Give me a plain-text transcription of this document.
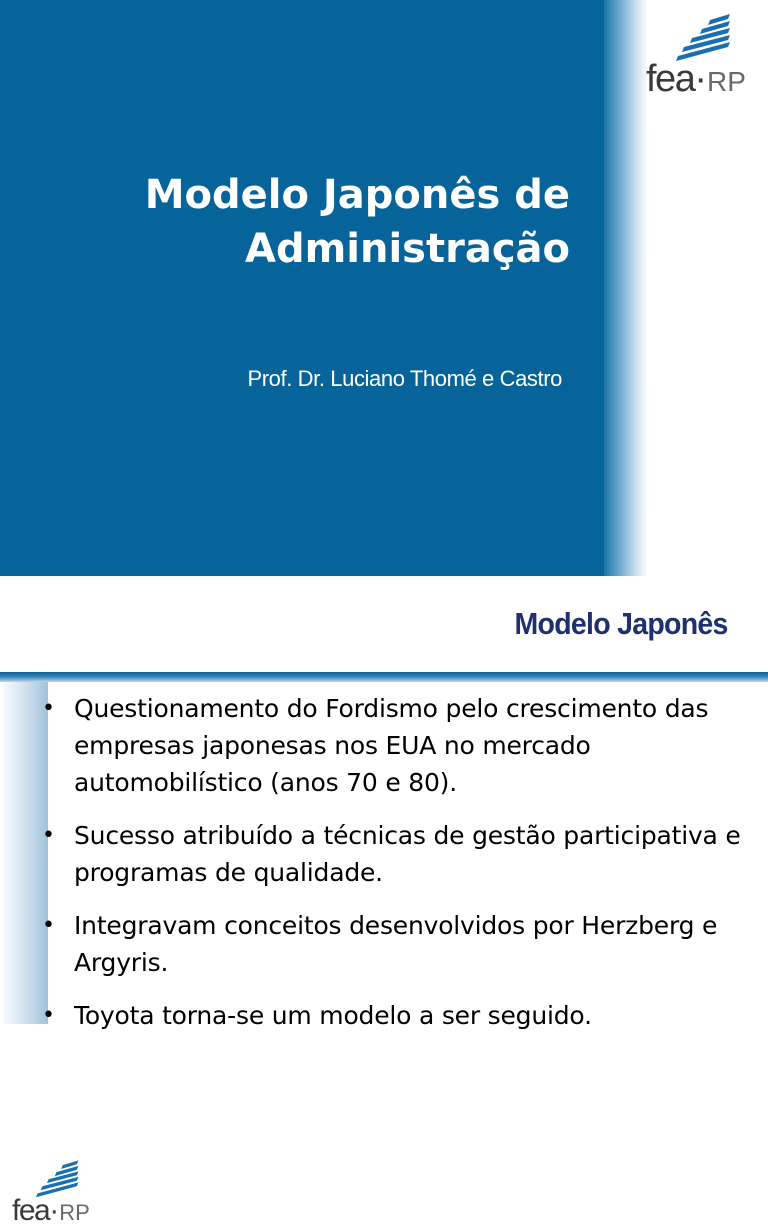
fea·RP
Modelo Japonês de
Administração
Prof. Dr. Luciano Thomé e Castro
fea·RP
Modelo Japonês
• Questionamento do Fordismo pelo crescimento das empresas japonesas nos EUA no mercado automobilístico (anos 70 e 80).
• Sucesso atribuído a técnicas de gestão participativa e programas de qualidade.
• Integravam conceitos desenvolvidos por Herzberg e Argyris.
• Toyota torna-se um modelo a ser seguido.
